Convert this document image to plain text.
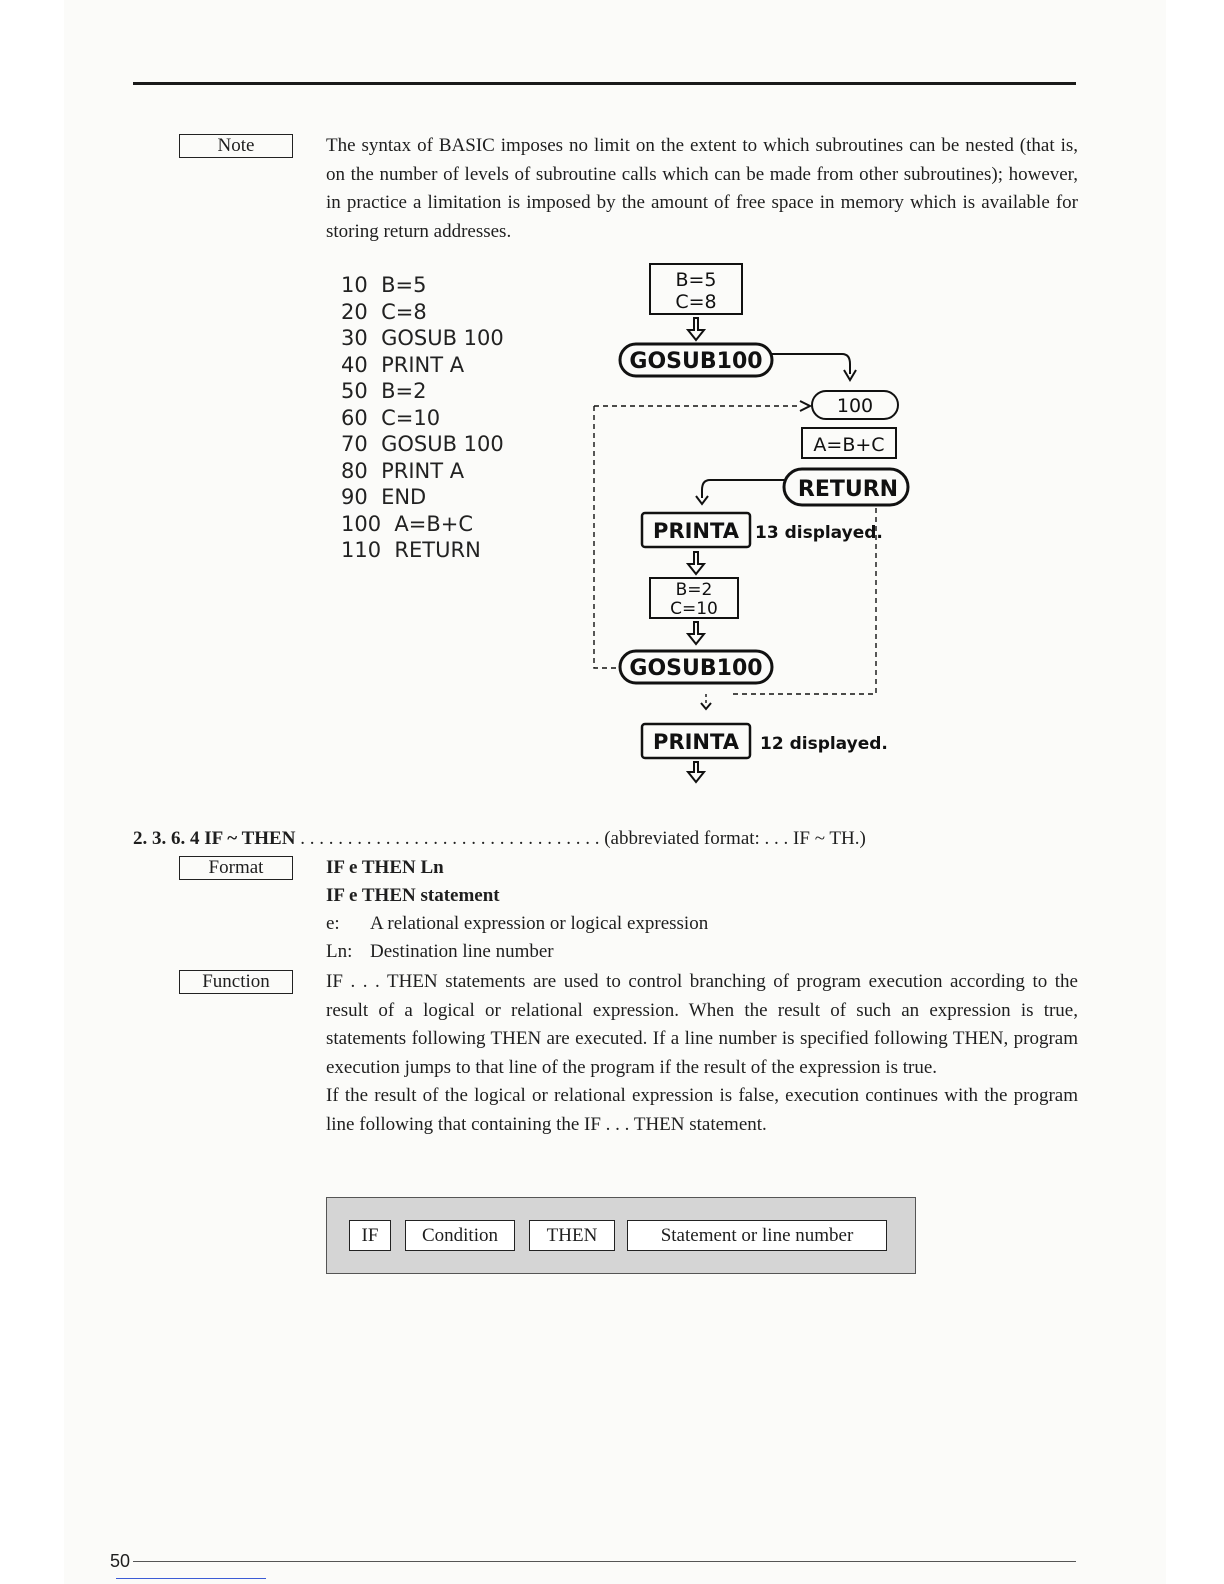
Note	The syntax of BASIC imposes no limit on the extent to which subroutines can be nested (that is, on the number of levels of subroutine calls which can be made from other subroutines); however, in practice a limitation is imposed by the amount of free space in memory which is available for storing return addresses.

10  B=5
20  C=8
30  GOSUB 100
40  PRINT A
50  B=2
60  C=10
70  GOSUB 100
80  PRINT A
90  END
100  A=B+C
110  RETURN
B=5
C=8
GOSUB100
100
A=B+C
RETURN
PRINTA 13 displayed.
B=2
C=10
GOSUB100
PRINTA 12 displayed.
2. 3. 6. 4 IF ~ THEN . . . . . . . . . . . . . . . . . . . . . . . . . . . . . . . . (abbreviated format: . . . IF ~ TH.)
Format	IF e THEN Ln
IF e THEN statement
e: A relational expression or logical expression
Ln: Destination line number
Function	IF . . . THEN statements are used to control branching of program execution according to the result of a logical or relational expression. When the result of such an expression is true, statements following THEN are executed. If a line number is specified following THEN, program execution jumps to that line of the program if the result of the expression is true.

If the result of the logical or relational expression is false, execution continues with the program line following that containing the IF . . . THEN statement.

IF	Condition	THEN	Statement or line number
50
